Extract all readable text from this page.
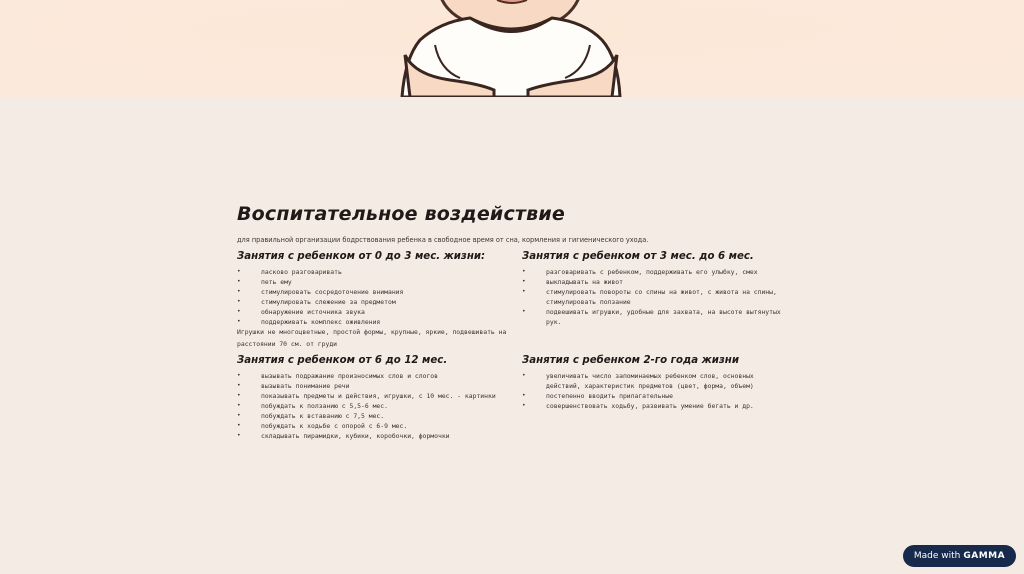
Воспитательное воздействие

для правильной организации бодрствования ребенка в свободное время от сна, кормления и гигиенического ухода.

Занятия с ребенком от 0 до 3 мес. жизни:
• ласково разговаривать
• петь ему
• стимулировать сосредоточение внимания
• стимулировать слежение за предметом
• обнаружение источника звука
• поддерживать комплекс оживления

Игрушки не многоцветные, простой формы, крупные, яркие, подвешивать на расстоянии 70 см. от груди

Занятия с ребенком от 3 мес. до 6 мес.
• разговаривать с ребенком, поддерживать его улыбку, смех
• выкладывать на живот
• стимулировать повороты со спины на живот, с живота на спины, стимулировать ползание
• подвешивать игрушки, удобные для захвата, на высоте вытянутых рук.
Занятия с ребенком от 6 до 12 мес.
• вызывать подражание произносимых слов и слогов
• вызывать понимание речи
• показывать предметы и действия, игрушки, с 10 мес. - картинки
• побуждать к ползанию с 5,5-6 мес.
• побуждать к вставанию с 7,5 мес.
• побуждать к ходьбе с опорой с 6-9 мес.
• складывать пирамидки, кубики, коробочки, формочки
Занятия с ребенком 2-го года жизни
• увеличивать число запоминаемых ребенком слов, основных действий, характеристик предметов (цвет, форма, объем)
• постепенно вводить прилагательные
• совершенствовать ходьбу, развивать умение бегать и др.
Made with GAMMA
